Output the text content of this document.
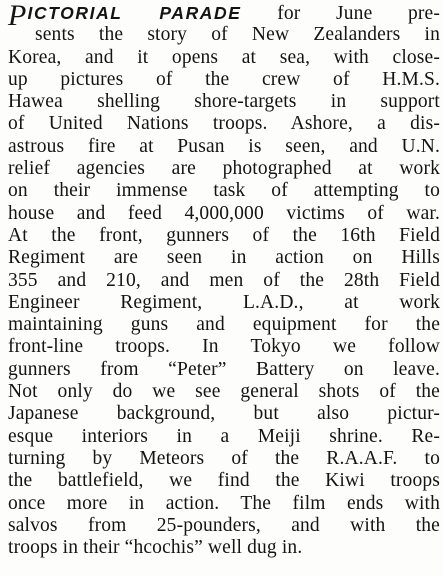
PICTORIAL PARADE for June pre-
sents the story of New Zealanders in
Korea, and it opens at sea, with close-
up pictures of the crew of H.M.S.
Hawea shelling shore-targets in support
of United Nations troops. Ashore, a dis-
astrous fire at Pusan is seen, and U.N.
relief agencies are photographed at work
on their immense task of attempting to
house and feed 4,000,000 victims of war.
At the front, gunners of the 16th Field
Regiment are seen in action on Hills
355 and 210, and men of the 28th Field
Engineer Regiment, L.A.D., at work
maintaining guns and equipment for the
front-line troops. In Tokyo we follow
gunners from “Peter” Battery on leave.
Not only do we see general shots of the
Japanese background, but also pictur-
esque interiors in a Meiji shrine. Re-
turning by Meteors of the R.A.A.F. to
the battlefield, we find the Kiwi troops
once more in action. The film ends with
salvos from 25-pounders, and with the
troops in their “hcochis” well dug in.
